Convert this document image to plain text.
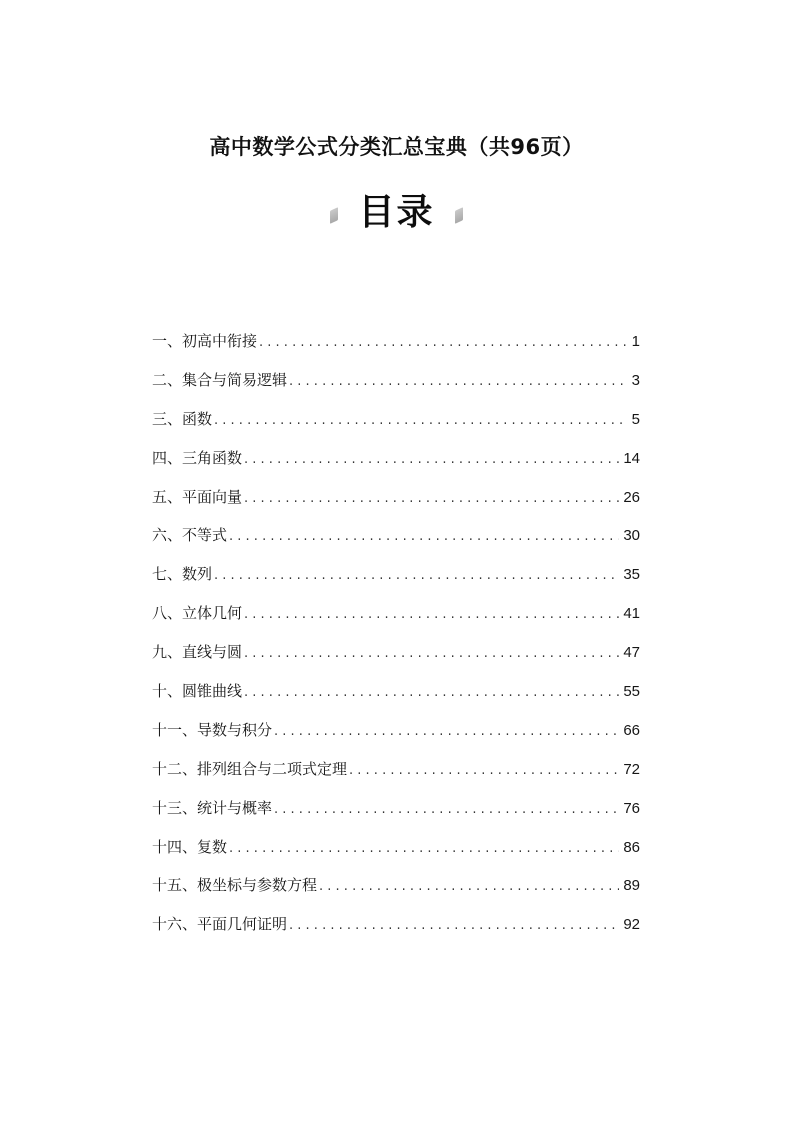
高中数学公式分类汇总宝典（共96页）
目录
一、初高中衔接 . . .	1
二、集合与简易逻辑 . . .	3
三、函数 . . .	5
四、三角函数 . . .	14
五、平面向量 . . .	26
六、不等式 . . .	30
七、数列 . . .	35
八、立体几何 . . .	41
九、直线与圆 . . .	47
十、圆锥曲线 . . .	55
十一、导数与积分 . . .	66
十二、排列组合与二项式定理 . . .	72
十三、统计与概率 . . .	76
十四、复数 . . .	86
十五、极坐标与参数方程 . . .	89
十六、平面几何证明 . . .	92
